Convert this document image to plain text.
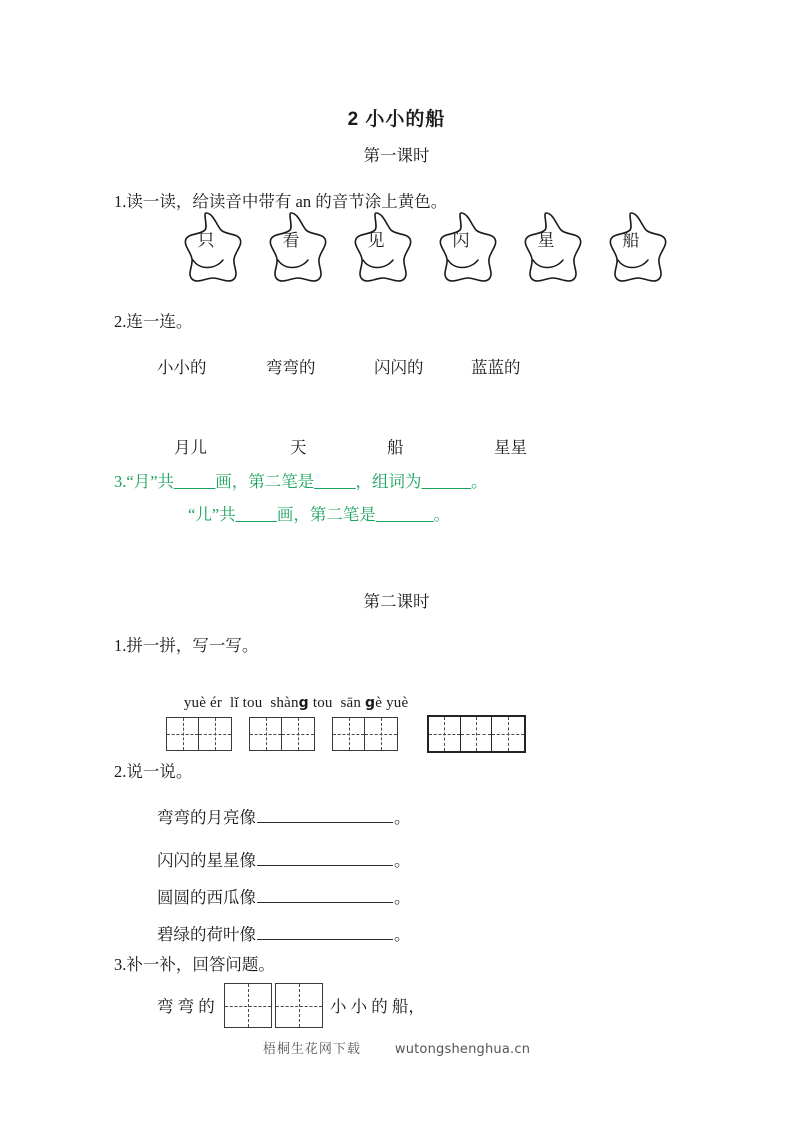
2 小小的船
第一课时
1.读一读，给读音中带有 an 的音节涂上黄色。
只	看	见	闪	星	船
2.连一连。
小小的	弯弯的	闪闪的	蓝蓝的
月儿	天	船	星星
3.“月”共_____画，第二笔是_____，组词为______。
“儿”共_____画，第二笔是_______。
第二课时
1.拼一拼，写一写。

yuè ér lǐ tou shàng tou sān gè yuè

2.说一说。
弯弯的月亮像	。
闪闪的星星像	。
圆圆的西瓜像	。
碧绿的荷叶像	。
3.补一补，回答问题。
弯 弯 的	小 小 的 船，
梧桐生花网下载	wutongshenghua.cn
